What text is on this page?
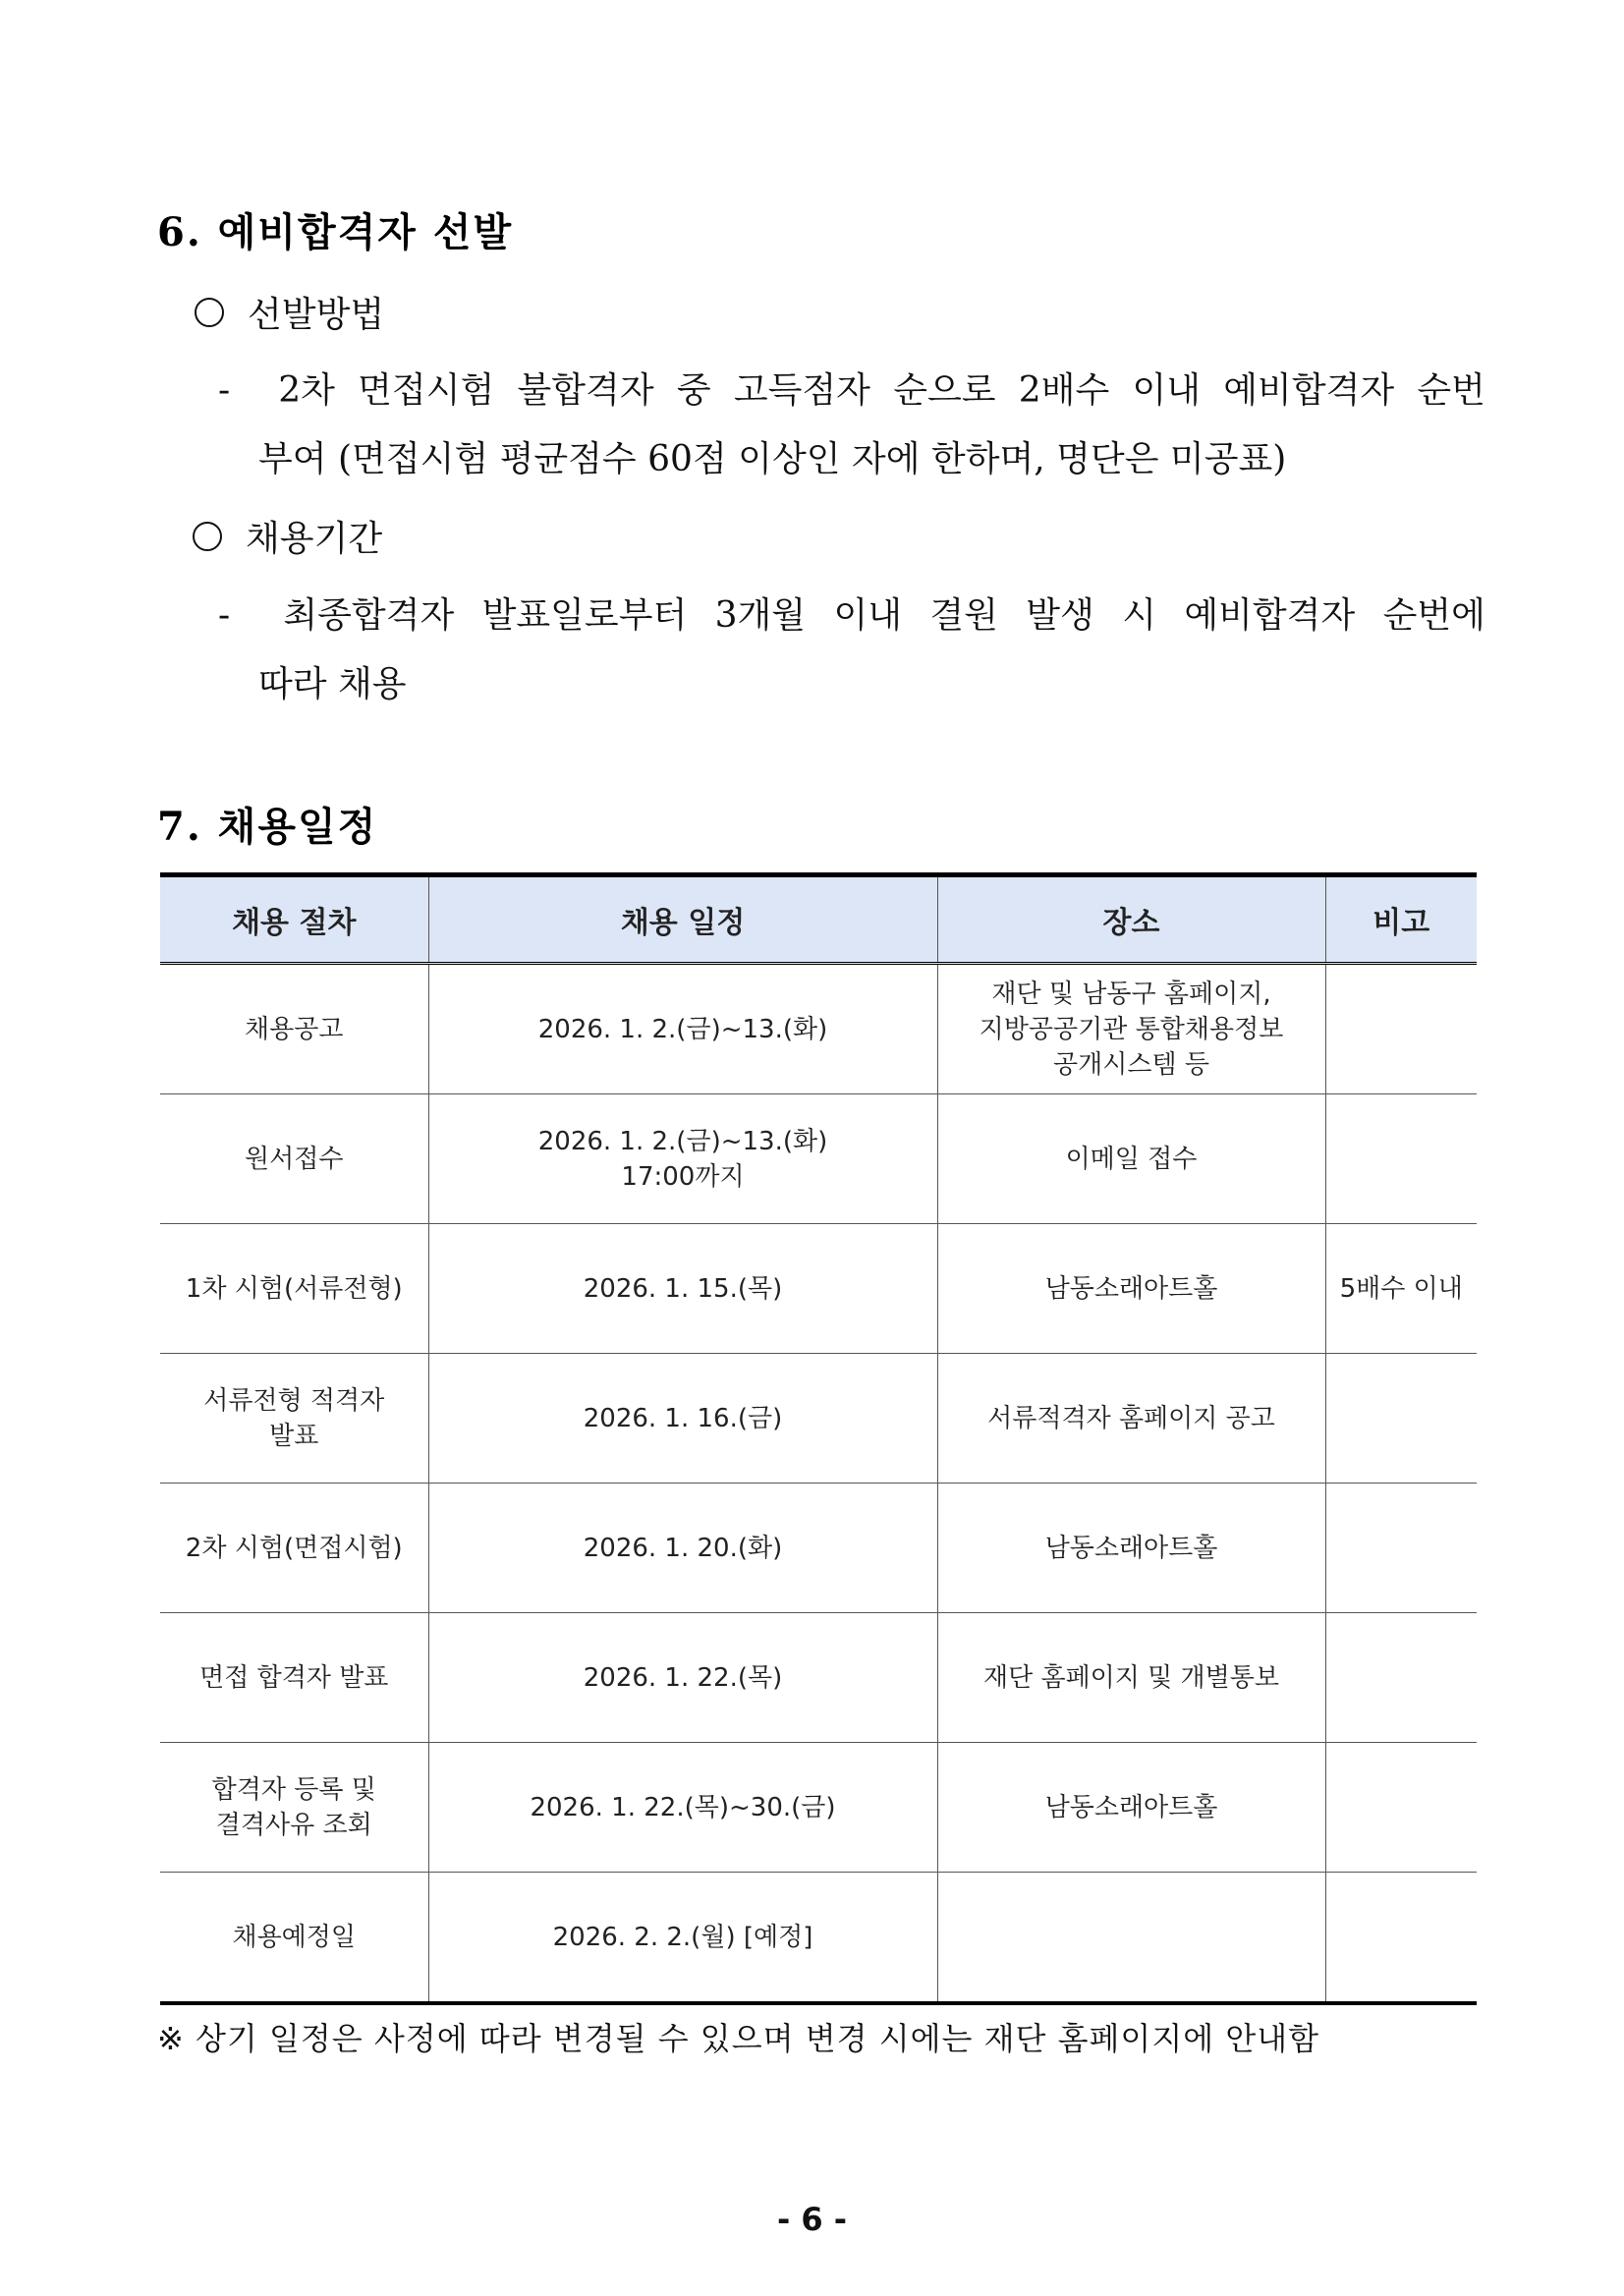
6. 예비합격자 선발
선발방법
-	2차 면접시험 불합격자 중 고득점자 순으로 2배수 이내 예비합격자 순번
부여 (면접시험 평균점수 60점 이상인 자에 한하며, 명단은 미공표)
채용기간
-	최종합격자 발표일로부터 3개월 이내 결원 발생 시 예비합격자 순번에
따라 채용
7. 채용일정
채용 절차	채용 일정	장소	비고

채용공고	2026. 1. 2.(금)~13.(화)	재단 및 남동구 홈페이지,
지방공공기관 통합채용정보
공개시스템 등	

원서접수	2026. 1. 2.(금)~13.(화)
17:00까지	이메일 접수	

1차 시험(서류전형)	2026. 1. 15.(목)	남동소래아트홀	5배수 이내

서류전형 적격자
발표	2026. 1. 16.(금)	서류적격자 홈페이지 공고	

2차 시험(면접시험)	2026. 1. 20.(화)	남동소래아트홀	

면접 합격자 발표	2026. 1. 22.(목)	재단 홈페이지 및 개별통보	

합격자 등록 및
결격사유 조회	2026. 1. 22.(목)~30.(금)	남동소래아트홀	

채용예정일	2026. 2. 2.(월) [예정]		

※ 상기 일정은 사정에 따라 변경될 수 있으며 변경 시에는 재단 홈페이지에 안내함
- 6 -
